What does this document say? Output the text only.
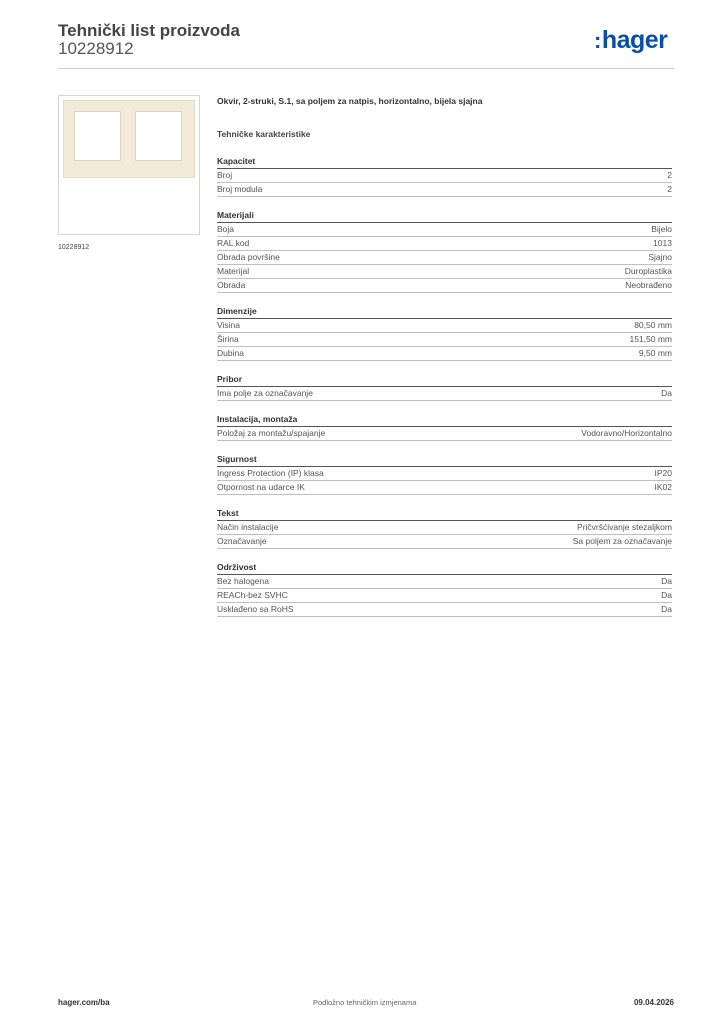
Tehnički list proizvoda
10228912	:hager
10228912
Okvir, 2-struki, S.1, sa poljem za natpis, horizontalno, bijela sjajna
Tehničke karakteristike
Kapacitet
Broj	2
Broj modula	2
Materijali
Boja	Bijelo
RAL kod	1013
Obrada površine	Sjajno
Materijal	Duroplastika
Obrada	Neobrađeno
Dimenzije
Visina	80,50 mm
Širina	151,50 mm
Dubina	9,50 mm
Pribor
Ima polje za označavanje	Da
Instalacija, montaža
Položaj za montažu/spajanje	Vodoravno/Horizontalno
Sigurnost
Ingress Protection (IP) klasa	IP20
Otpornost na udarce IK	IK02
Tekst
Način instalacije	Pričvršćivanje stezaljkom
Označavanje	Sa poljem za označavanje
Održivost
Bez halogena	Da
REACh-bez SVHC	Da
Usklađeno sa RoHS	Da
hager.com/ba	Podložno tehničkim izmjenama	09.04.2026
